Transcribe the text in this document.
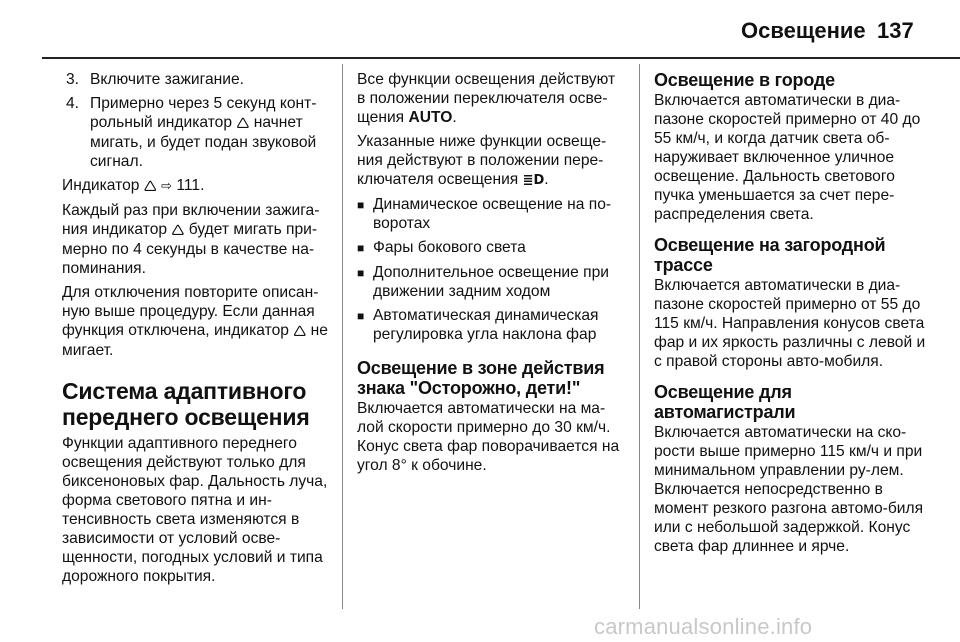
Освещение 137
3. Включите зажигание.
4. Примерно через 5 секунд конт-рольный индикатор 🛆 начнет мигать, и будет подан звуковой сигнал.

Индикатор 🛆 ⇨ 111.

Каждый раз при включении зажига-ния индикатор 🛆 будет мигать при-мерно по 4 секунды в качестве на-поминания.

Для отключения повторите описан-ную выше процедуру. Если данная функция отключена, индикатор 🛆 не мигает.

Система адаптивного переднего освещения

Функции адаптивного переднего освещения действуют только для биксеноновых фар. Дальность луча, форма светового пятна и ин-тенсивность света изменяются в зависимости от условий осве-щенности, погодных условий и типа дорожного покрытия.

Все функции освещения действуют в положении переключателя осве-щения AUTO.

Указанные ниже функции освеще-ния действуют в положении пере-ключателя освещения ≣D.

■ Динамическое освещение на по-воротах
■ Фары бокового света
■ Дополнительное освещение при движении задним ходом
■ Автоматическая динамическая регулировка угла наклона фар
Освещение в зоне действия знака "Осторожно, дети!"

Включается автоматически на ма-лой скорости примерно до 30 км/ч. Конус света фар поворачивается на угол 8° к обочине.

Освещение в городе

Включается автоматически в диа-пазоне скоростей примерно от 40 до 55 км/ч, и когда датчик света об-наруживает включенное уличное освещение. Дальность светового пучка уменьшается за счет пере-распределения света.

Освещение на загородной трассе

Включается автоматически в диа-пазоне скоростей примерно от 55 до 115 км/ч. Направления конусов света фар и их яркость различны с левой и с правой стороны авто-мобиля.

Освещение для автомагистрали

Включается автоматически на ско-рости выше примерно 115 км/ч и при минимальном управлении ру-лем. Включается непосредственно в момент резкого разгона автомо-биля или с небольшой задержкой. Конус света фар длиннее и ярче.

carmanualsonline.info
